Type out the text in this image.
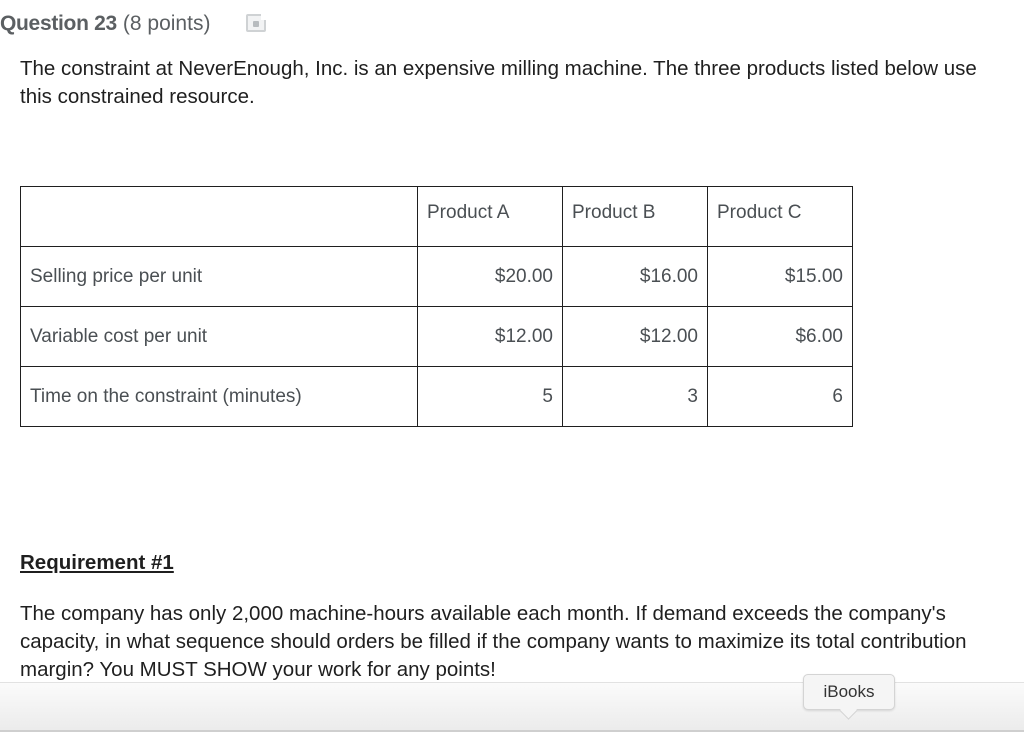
Question 23 (8 points)
The constraint at NeverEnough, Inc. is an expensive milling machine. The three products listed below use this constrained resource.
	Product A	Product B	Product C
Selling price per unit	$20.00	$16.00	$15.00
Variable cost per unit	$12.00	$12.00	$6.00
Time on the constraint (minutes)	5	3	6
Requirement #1
The company has only 2,000 machine-hours available each month. If demand exceeds the company's capacity, in what sequence should orders be filled if the company wants to maximize its total contribution margin? You MUST SHOW your work for any points!
iBooks
